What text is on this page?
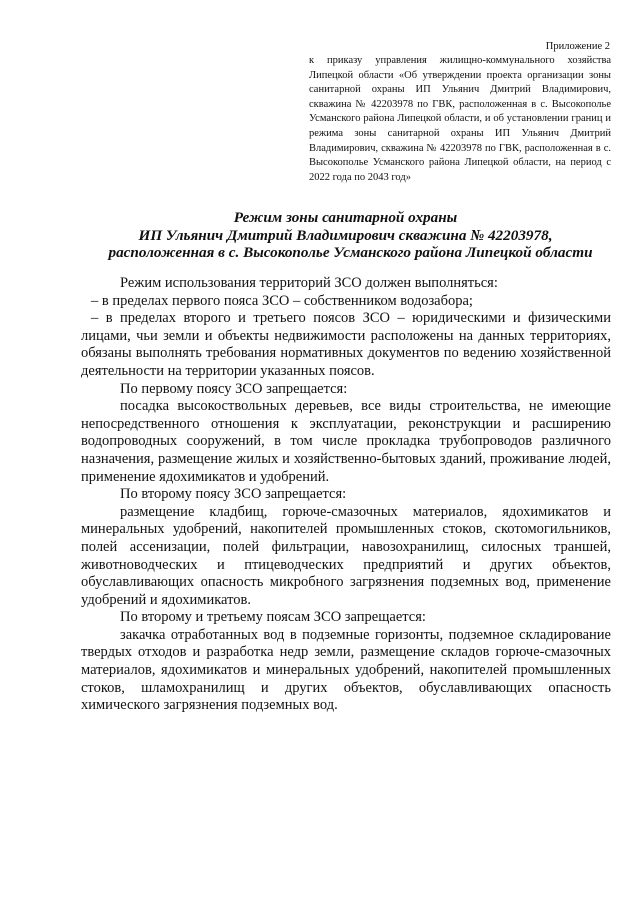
Приложение 2
к приказу управления жилищно-коммунального хозяйства Липецкой области «Об утверждении проекта организации зоны санитарной охраны ИП Ульянич Дмитрий Владимирович, скважина № 42203978 по ГВК, расположенная в с. Высокополье Усманского района Липецкой области, и об установлении границ и режима зоны санитарной охраны ИП Ульянич Дмитрий Владимирович, скважина № 42203978 по ГВК, расположенная в с. Высокополье Усманского района Липецкой области, на период с 2022 года по 2043 год»
Режим зоны санитарной охраны
ИП Ульянич Дмитрий Владимирович скважина № 42203978,
расположенная в с. Высокополье Усманского района Липецкой области

Режим использования территорий ЗСО должен выполняться:

– в пределах первого пояса ЗСО – собственником водозабора;

– в пределах второго и третьего поясов ЗСО – юридическими и физическими лицами, чьи земли и объекты недвижимости расположены на данных территориях, обязаны выполнять требования нормативных документов по ведению хозяйственной деятельности на территории указанных поясов.

По первому поясу ЗСО запрещается:

посадка высокоствольных деревьев, все виды строительства, не имеющие непосредственного отношения к эксплуатации, реконструкции и расширению водопроводных сооружений, в том числе прокладка трубопроводов различного назначения, размещение жилых и хозяйственно-бытовых зданий, проживание людей, применение ядохимикатов и удобрений.

По второму поясу ЗСО запрещается:

размещение кладбищ, горюче-смазочных материалов, ядохимикатов и минеральных удобрений, накопителей промышленных стоков, скотомогильников, полей ассенизации, полей фильтрации, навозохранилищ, силосных траншей, животноводческих и птицеводческих предприятий и других объектов, обуславливающих опасность микробного загрязнения подземных вод, применение удобрений и ядохимикатов.

По второму и третьему поясам ЗСО запрещается:

закачка отработанных вод в подземные горизонты, подземное складирование твердых отходов и разработка недр земли, размещение складов горюче-смазочных материалов, ядохимикатов и минеральных удобрений, накопителей промышленных стоков, шламохранилищ и других объектов, обуславливающих опасность химического загрязнения подземных вод.
